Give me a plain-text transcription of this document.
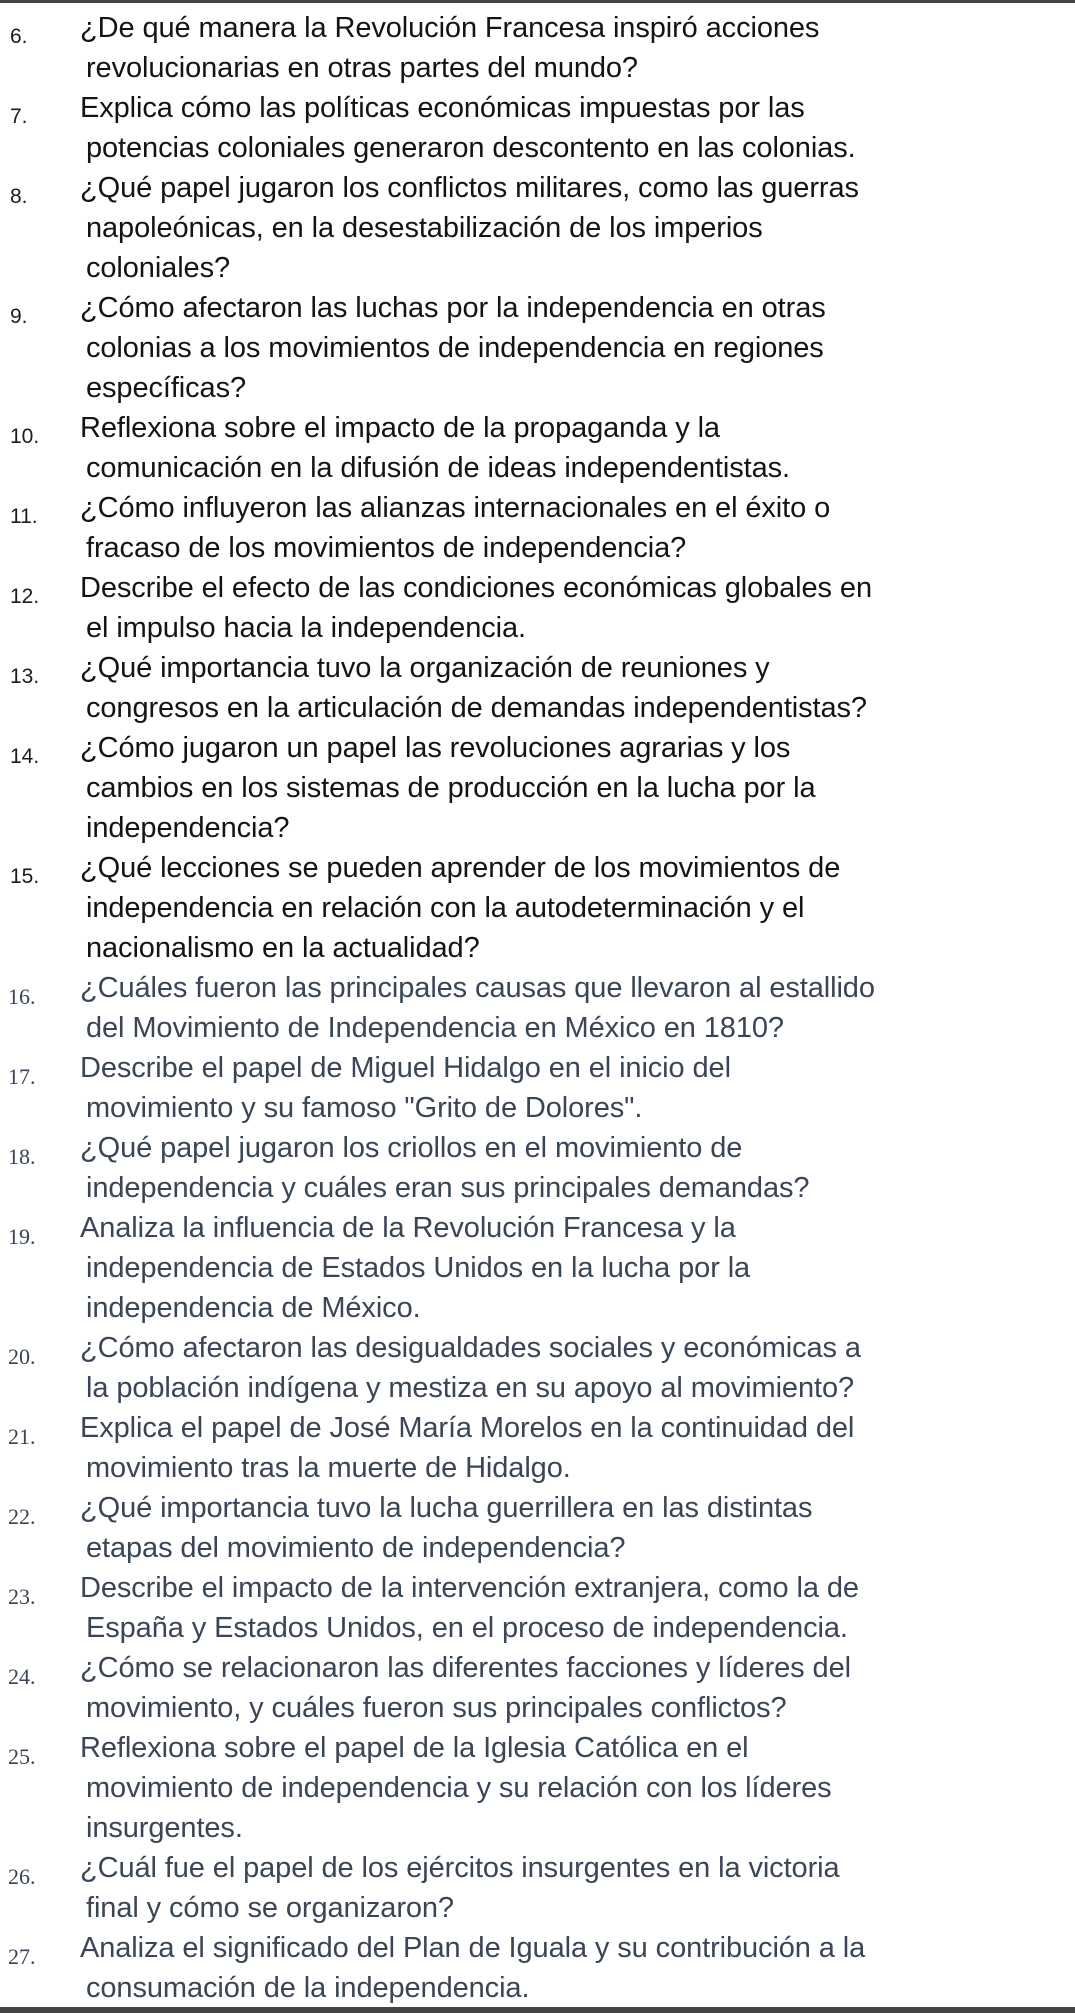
6. ¿De qué manera la Revolución Francesa inspiró acciones
revolucionarias en otras partes del mundo?
7. Explica cómo las políticas económicas impuestas por las
potencias coloniales generaron descontento en las colonias.
8. ¿Qué papel jugaron los conflictos militares, como las guerras
napoleónicas, en la desestabilización de los imperios
coloniales?
9. ¿Cómo afectaron las luchas por la independencia en otras
colonias a los movimientos de independencia en regiones
específicas?
10. Reflexiona sobre el impacto de la propaganda y la
comunicación en la difusión de ideas independentistas.
11. ¿Cómo influyeron las alianzas internacionales en el éxito o
fracaso de los movimientos de independencia?
12. Describe el efecto de las condiciones económicas globales en
el impulso hacia la independencia.
13. ¿Qué importancia tuvo la organización de reuniones y
congresos en la articulación de demandas independentistas?
14. ¿Cómo jugaron un papel las revoluciones agrarias y los
cambios en los sistemas de producción en la lucha por la
independencia?
15. ¿Qué lecciones se pueden aprender de los movimientos de
independencia en relación con la autodeterminación y el
nacionalismo en la actualidad?
16. ¿Cuáles fueron las principales causas que llevaron al estallido
del Movimiento de Independencia en México en 1810?
17. Describe el papel de Miguel Hidalgo en el inicio del
movimiento y su famoso "Grito de Dolores".
18. ¿Qué papel jugaron los criollos en el movimiento de
independencia y cuáles eran sus principales demandas?
19. Analiza la influencia de la Revolución Francesa y la
independencia de Estados Unidos en la lucha por la
independencia de México.
20. ¿Cómo afectaron las desigualdades sociales y económicas a
la población indígena y mestiza en su apoyo al movimiento?
21. Explica el papel de José María Morelos en la continuidad del
movimiento tras la muerte de Hidalgo.
22. ¿Qué importancia tuvo la lucha guerrillera en las distintas
etapas del movimiento de independencia?
23. Describe el impacto de la intervención extranjera, como la de
España y Estados Unidos, en el proceso de independencia.
24. ¿Cómo se relacionaron las diferentes facciones y líderes del
movimiento, y cuáles fueron sus principales conflictos?
25. Reflexiona sobre el papel de la Iglesia Católica en el
movimiento de independencia y su relación con los líderes
insurgentes.
26. ¿Cuál fue el papel de los ejércitos insurgentes en la victoria
final y cómo se organizaron?
27. Analiza el significado del Plan de Iguala y su contribución a la
consumación de la independencia.
